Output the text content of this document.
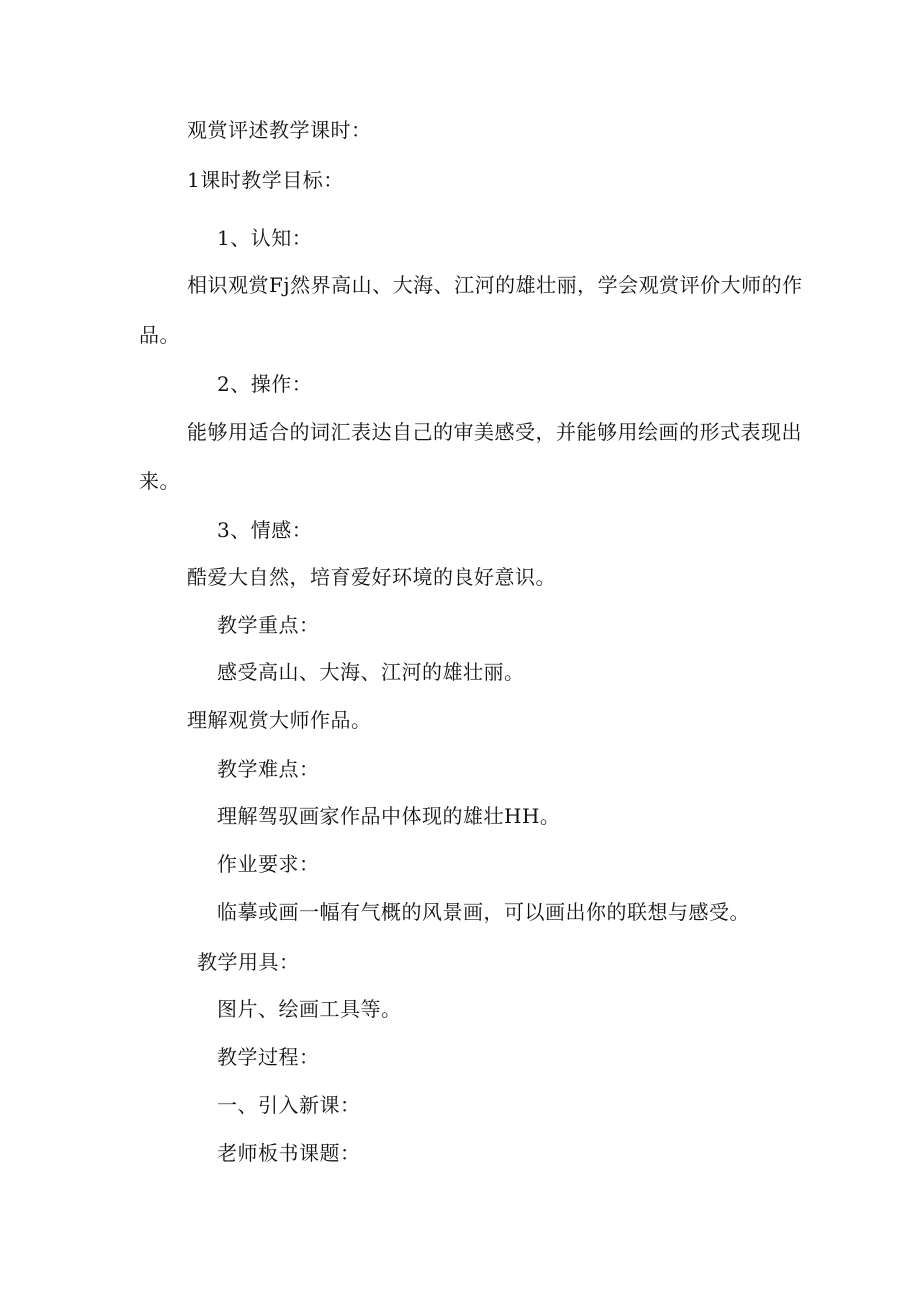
观赏评述教学课时：
1课时教学目标：
1、认知：
相识观赏Fj然界高山、大海、江河的雄壮丽，学会观赏评价大师的作
品。
2、操作：
能够用适合的词汇表达自己的审美感受，并能够用绘画的形式表现出
来。
3、情感：
酷爱大自然，培育爱好环境的良好意识。
教学重点：
感受高山、大海、江河的雄壮丽。
理解观赏大师作品。
教学难点：
理解驾驭画家作品中体现的雄壮HH。
作业要求：
临摹或画一幅有气概的风景画，可以画出你的联想与感受。
教学用具：
图片、绘画工具等。
教学过程：
一、引入新课：
老师板书课题：
